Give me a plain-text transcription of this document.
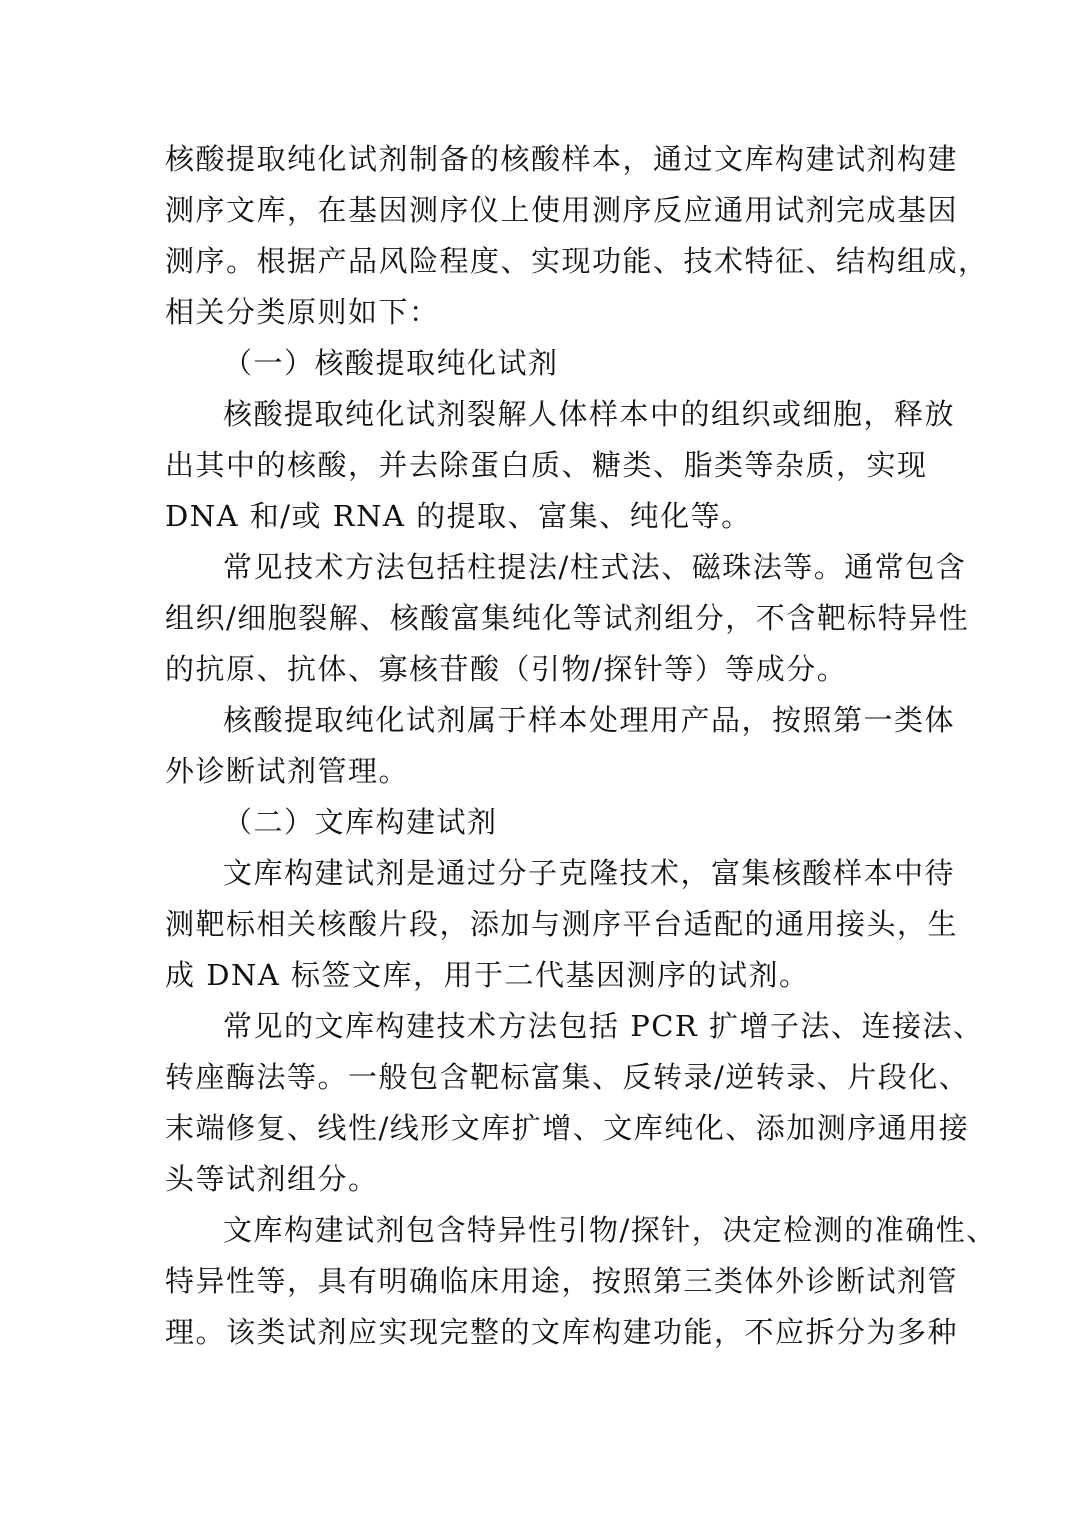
核酸提取纯化试剂制备的核酸样本，通过文库构建试剂构建
测序文库，在基因测序仪上使用测序反应通用试剂完成基因
测序。根据产品风险程度、实现功能、技术特征、结构组成，
相关分类原则如下：

（一）核酸提取纯化试剂

核酸提取纯化试剂裂解人体样本中的组织或细胞，释放
出其中的核酸，并去除蛋白质、糖类、脂类等杂质，实现
DNA 和/或 RNA 的提取、富集、纯化等。

常见技术方法包括柱提法/柱式法、磁珠法等。通常包含
组织/细胞裂解、核酸富集纯化等试剂组分，不含靶标特异性
的抗原、抗体、寡核苷酸（引物/探针等）等成分。

核酸提取纯化试剂属于样本处理用产品，按照第一类体
外诊断试剂管理。

（二）文库构建试剂

文库构建试剂是通过分子克隆技术，富集核酸样本中待
测靶标相关核酸片段，添加与测序平台适配的通用接头，生
成 DNA 标签文库，用于二代基因测序的试剂。

常见的文库构建技术方法包括 PCR 扩增子法、连接法、
转座酶法等。一般包含靶标富集、反转录/逆转录、片段化、
末端修复、线性/线形文库扩增、文库纯化、添加测序通用接
头等试剂组分。

文库构建试剂包含特异性引物/探针，决定检测的准确性、
特异性等，具有明确临床用途，按照第三类体外诊断试剂管
理。该类试剂应实现完整的文库构建功能，不应拆分为多种
